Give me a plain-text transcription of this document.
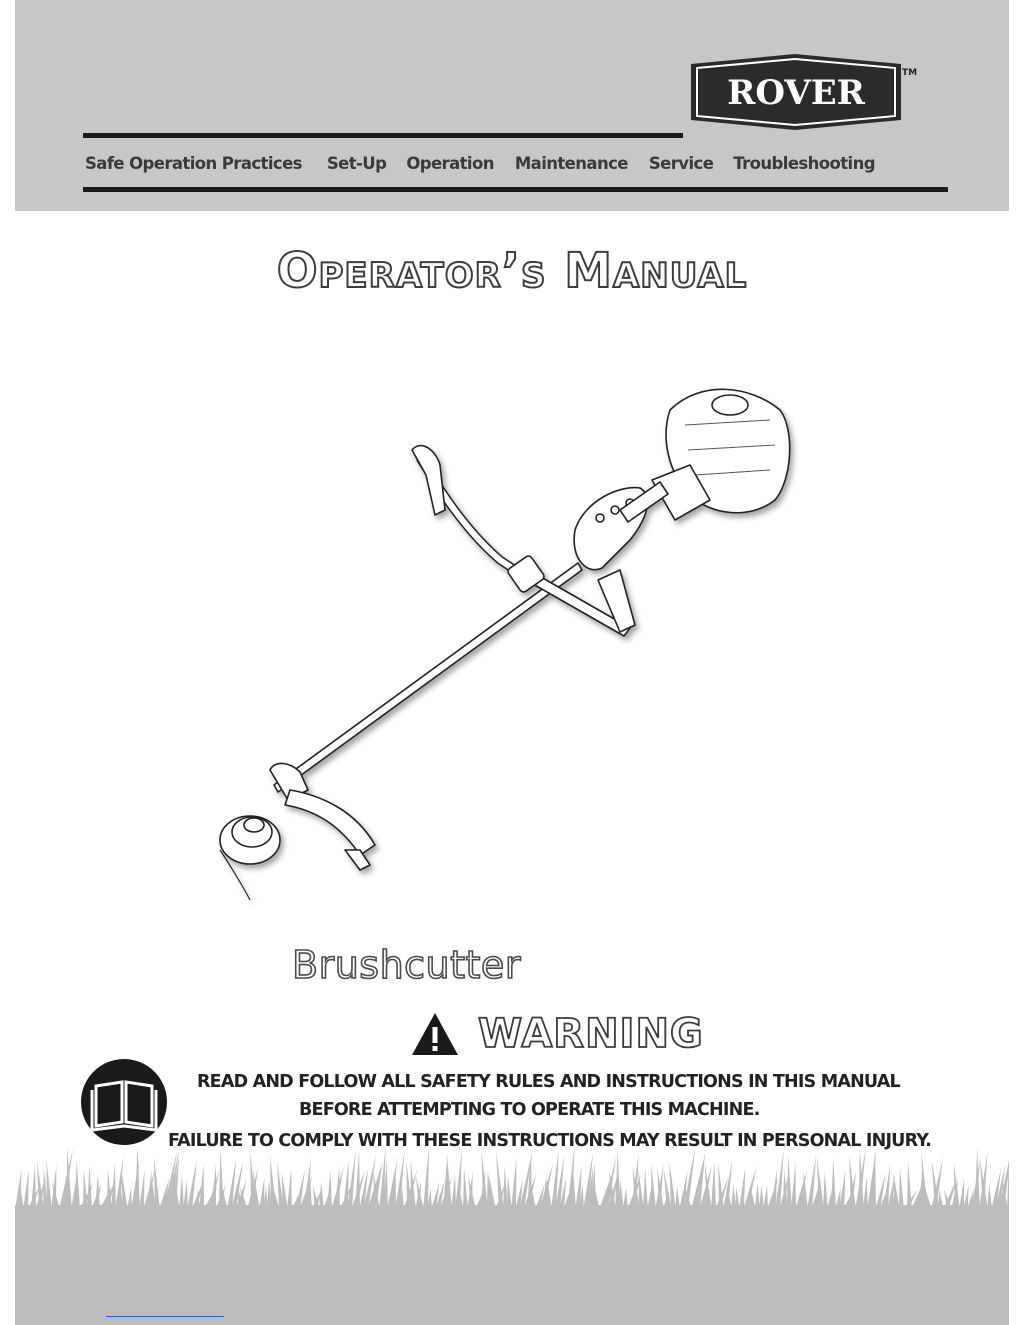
ROVER	TM
Safe Operation Practices Set-Up Operation Maintenance Service Troubleshooting
Operator’s Manual
Brushcutter
WARNING
READ AND FOLLOW ALL SAFETY RULES AND INSTRUCTIONS IN THIS MANUAL
BEFORE ATTEMPTING TO OPERATE THIS MACHINE.
FAILURE TO COMPLY WITH THESE INSTRUCTIONS MAY RESULT IN PERSONAL INJURY.
